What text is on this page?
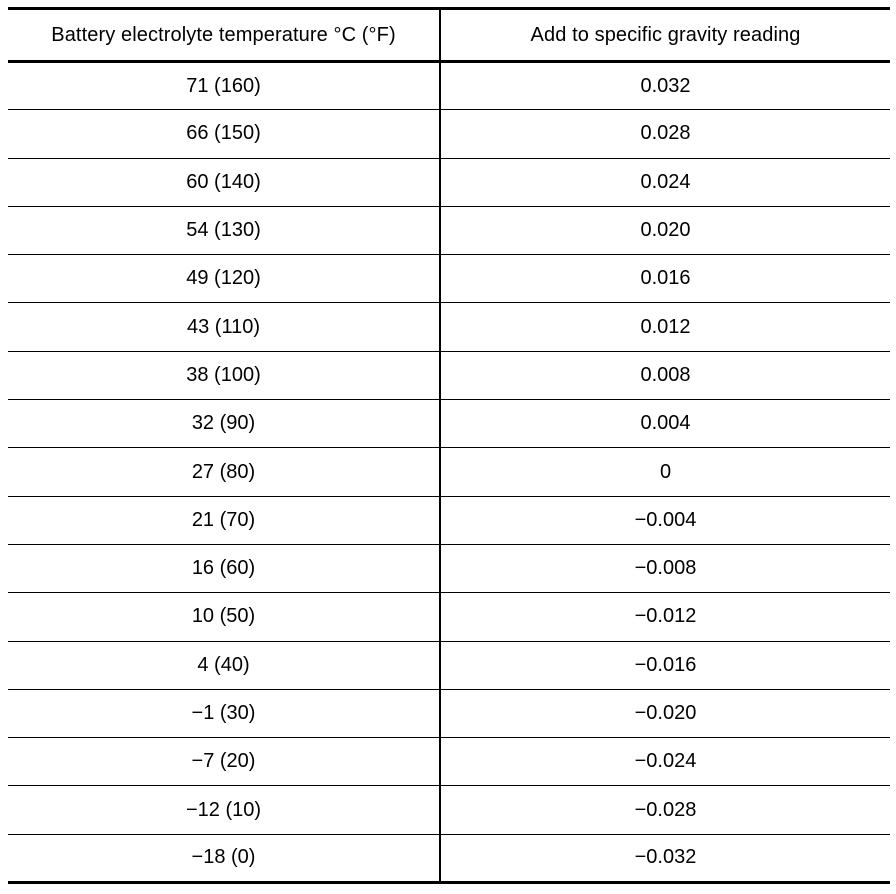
Battery electrolyte temperature °C (°F)	Add to specific gravity reading
71 (160)	0.032
66 (150)	0.028
60 (140)	0.024
54 (130)	0.020
49 (120)	0.016
43 (110)	0.012
38 (100)	0.008
32 (90)	0.004
27 (80)	0
21 (70)	−0.004
16 (60)	−0.008
10 (50)	−0.012
4 (40)	−0.016
−1 (30)	−0.020
−7 (20)	−0.024
−12 (10)	−0.028
−18 (0)	−0.032
